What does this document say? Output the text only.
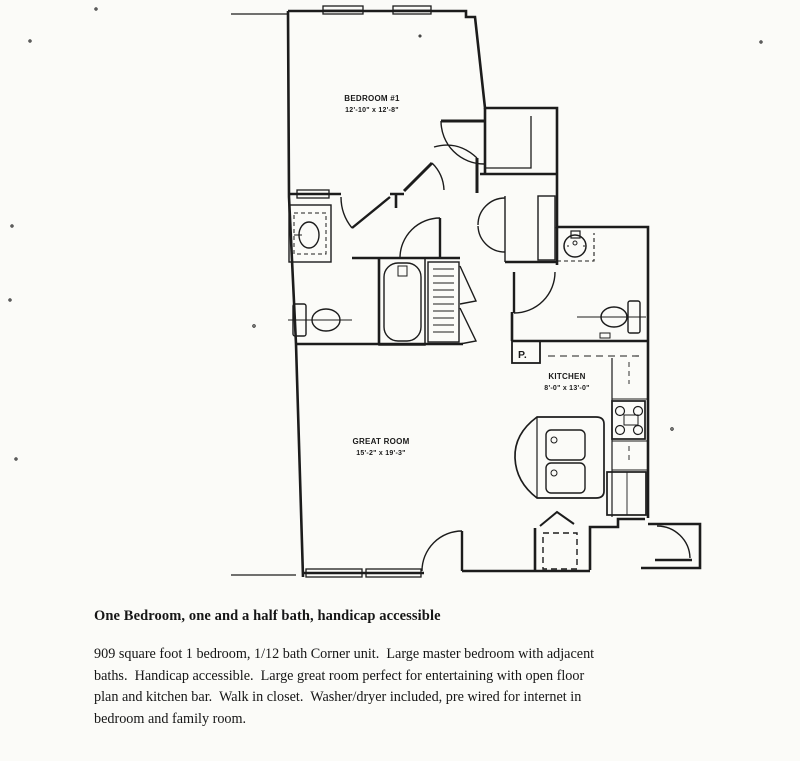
BEDROOM #1
12'-10" x 12'-8"
KITCHEN
8'-0" x 13'-0"
GREAT ROOM
15'-2" x 19'-3"
P.
One Bedroom, one and a half bath, handicap accessible
909 square foot 1 bedroom, 1/12 bath Corner unit.  Large master bedroom with adjacent
baths.  Handicap accessible.  Large great room perfect for entertaining with open floor
plan and kitchen bar.  Walk in closet.  Washer/dryer included, pre wired for internet in
bedroom and family room.
